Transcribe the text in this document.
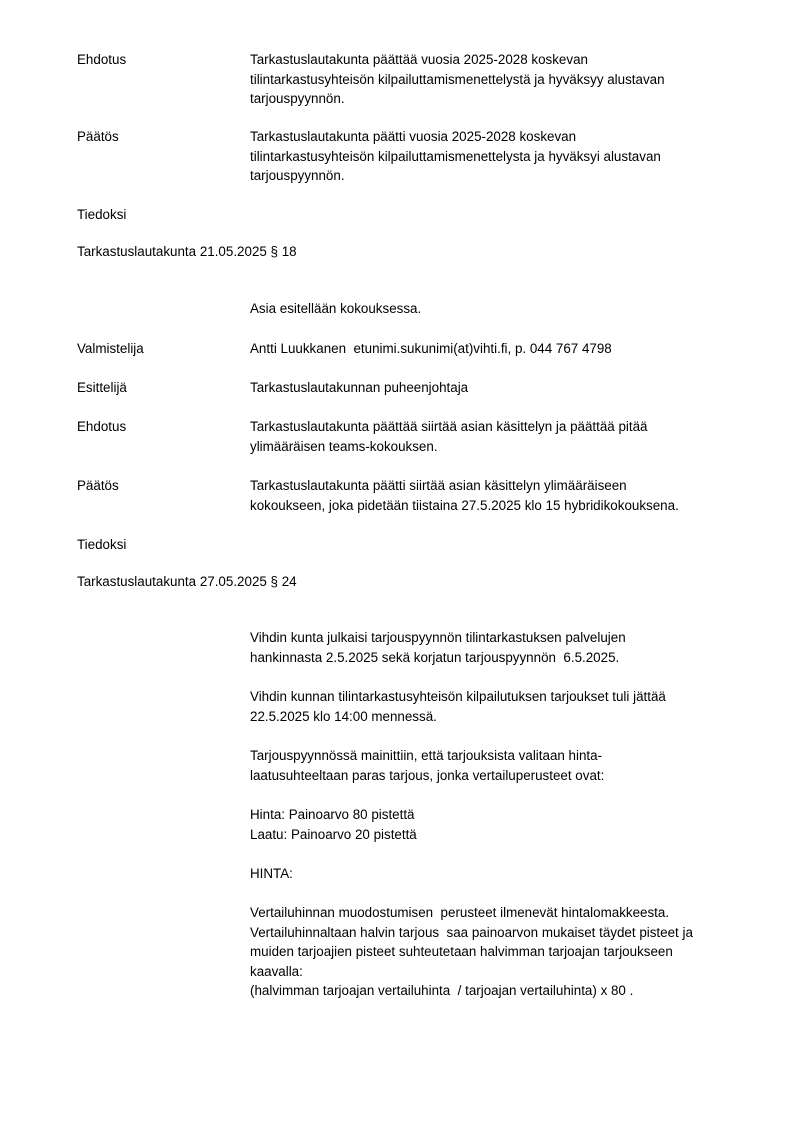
Ehdotus	Tarkastuslautakunta päättää vuosia 2025-2028 koskevan
tilintarkastusyhteisön kilpailuttamismenettelystä ja hyväksyy alustavan
tarjouspyynnön.
Päätös	Tarkastuslautakunta päätti vuosia 2025-2028 koskevan
tilintarkastusyhteisön kilpailuttamismenettelysta ja hyväksyi alustavan
tarjouspyynnön.
Tiedoksi
Tarkastuslautakunta 21.05.2025 § 18
Asia esitellään kokouksessa.
Valmistelija	Antti Luukkanen  etunimi.sukunimi(at)vihti.fi, p. 044 767 4798
Esittelijä	Tarkastuslautakunnan puheenjohtaja
Ehdotus	Tarkastuslautakunta päättää siirtää asian käsittelyn ja päättää pitää
ylimääräisen teams-kokouksen.
Päätös	Tarkastuslautakunta päätti siirtää asian käsittelyn ylimääräiseen
kokoukseen, joka pidetään tiistaina 27.5.2025 klo 15 hybridikokouksena.
Tiedoksi
Tarkastuslautakunta 27.05.2025 § 24
Vihdin kunta julkaisi tarjouspyynnön tilintarkastuksen palvelujen
hankinnasta 2.5.2025 sekä korjatun tarjouspyynnön  6.5.2025.
Vihdin kunnan tilintarkastusyhteisön kilpailutuksen tarjoukset tuli jättää
22.5.2025 klo 14:00 mennessä.
Tarjouspyynnössä mainittiin, että tarjouksista valitaan hinta-
laatusuhteeltaan paras tarjous, jonka vertailuperusteet ovat:
Hinta: Painoarvo 80 pistettä
Laatu: Painoarvo 20 pistettä
HINTA:
Vertailuhinnan muodostumisen  perusteet ilmenevät hintalomakkeesta.
Vertailuhinnaltaan halvin tarjous  saa painoarvon mukaiset täydet pisteet ja
muiden tarjoajien pisteet suhteutetaan halvimman tarjoajan tarjoukseen
kaavalla:
(halvimman tarjoajan vertailuhinta  / tarjoajan vertailuhinta) x 80 .
